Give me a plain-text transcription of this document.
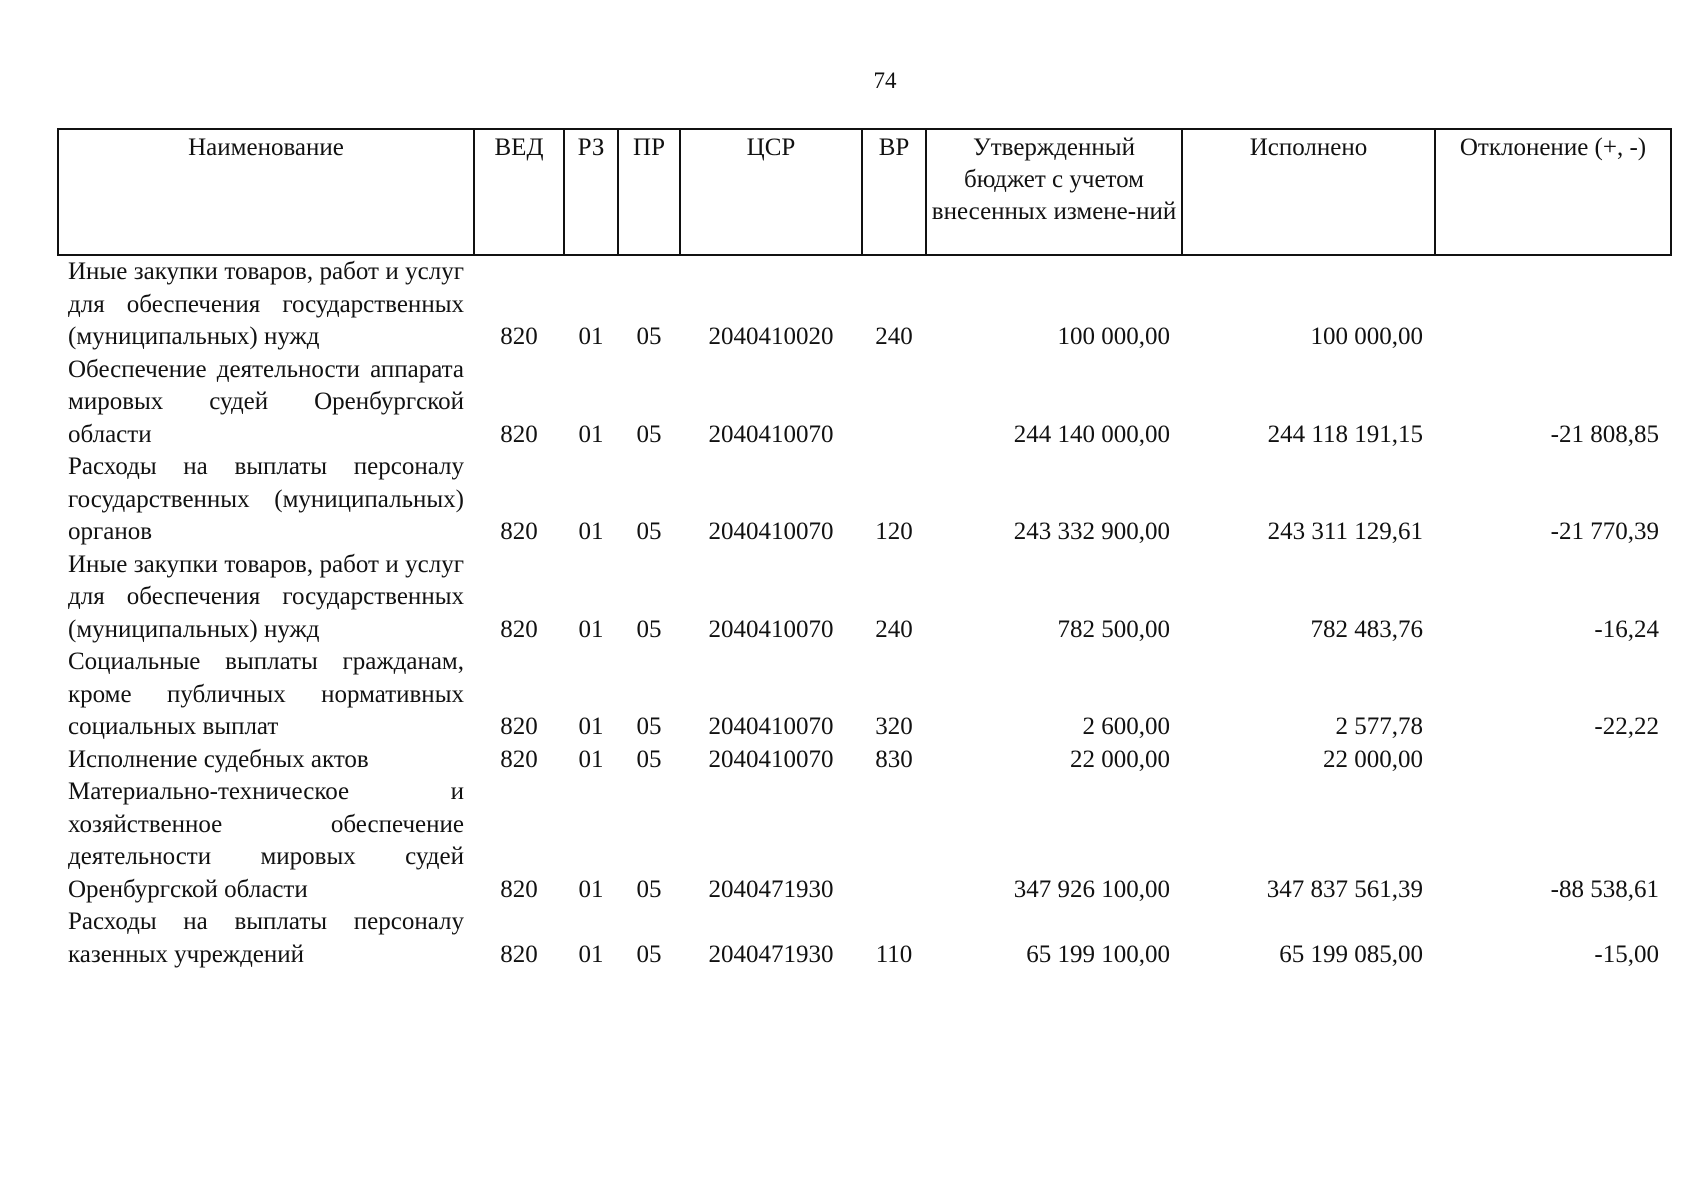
74
Наименование	ВЕД	РЗ	ПР	ЦСР	ВР	Утвержденный бюджет с учетом внесенных измене-ний	Исполнено	Отклонение (+, -)
Иные закупки товаров, работ и услуг для обеспечения государственных (муниципальных) нужд	820	01	05	2040410020	240	100 000,00	100 000,00	
Обеспечение деятельности аппарата мировых судей Оренбургской области	820	01	05	2040410070		244 140 000,00	244 118 191,15	-21 808,85
Расходы на выплаты персоналу государственных (муниципальных) органов	820	01	05	2040410070	120	243 332 900,00	243 311 129,61	-21 770,39
Иные закупки товаров, работ и услуг для обеспечения государственных (муниципальных) нужд	820	01	05	2040410070	240	782 500,00	782 483,76	-16,24
Социальные выплаты гражданам, кроме публичных нормативных социальных выплат	820	01	05	2040410070	320	2 600,00	2 577,78	-22,22
Исполнение судебных актов	820	01	05	2040410070	830	22 000,00	22 000,00	
Материально-техническое и хозяйственное обеспечение деятельности мировых судей Оренбургской области	820	01	05	2040471930		347 926 100,00	347 837 561,39	-88 538,61
Расходы на выплаты персоналу казенных учреждений	820	01	05	2040471930	110	65 199 100,00	65 199 085,00	-15,00
